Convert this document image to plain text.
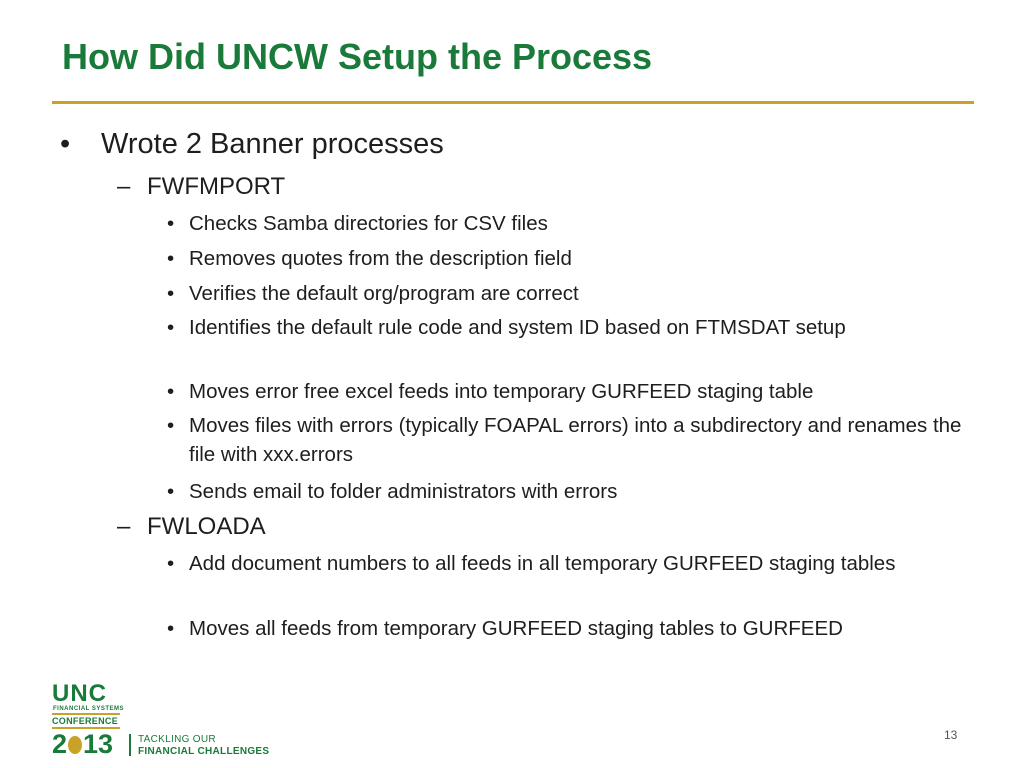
How Did UNCW Setup the Process
• Wrote 2 Banner processes
– FWFMPORT
• Checks Samba directories for CSV files
• Removes quotes from the description field
• Verifies the default org/program are correct
• Identifies the default rule code and system ID based on FTMSDAT setup
• Moves error free excel feeds into temporary GURFEED staging table
• Moves files with errors (typically FOAPAL errors) into a subdirectory and renames the file with xxx.errors
• Sends email to folder administrators with errors
– FWLOADA
• Add document numbers to all feeds in all temporary GURFEED staging tables
• Moves all feeds from temporary GURFEED staging tables to GURFEED
UNC
FINANCIAL SYSTEMS
CONFERENCE
2 13 TACKLING OUR
FINANCIAL CHALLENGES
13
